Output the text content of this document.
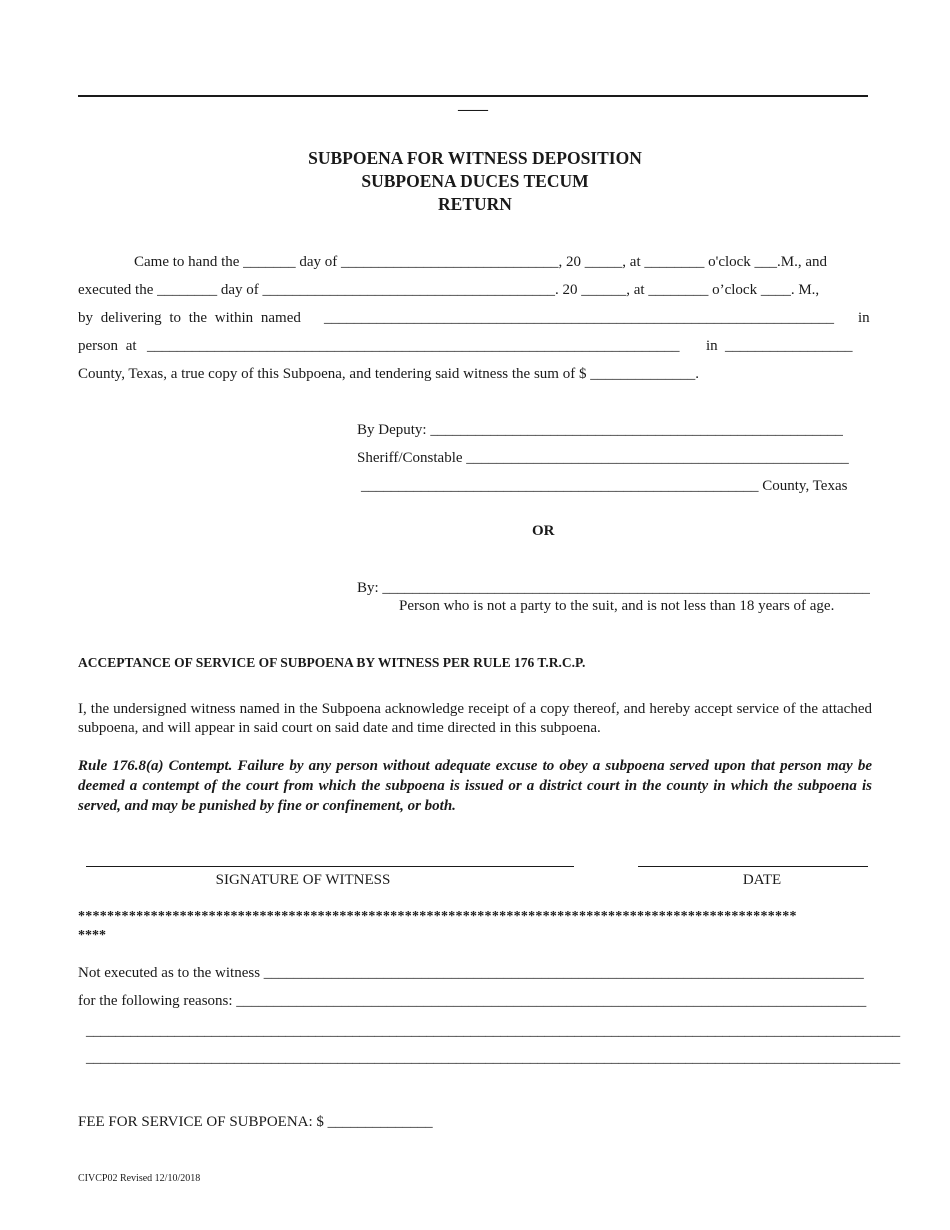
____
SUBPOENA FOR WITNESS DEPOSITION
SUBPOENA DUCES TECUM
RETURN
Came to hand the _______ day of _____________________________, 20 _____, at ________ o'clock ___.M., and
executed the ________ day of _______________________________________. 20 ______, at ________ o’clock ____. M.,
by delivering to the within named ____________________________________________________________________ in
person at _______________________________________________________________________ in _________________
County, Texas, a true copy of this Subpoena, and tendering said witness the sum of $ ______________.
By Deputy: _______________________________________________________
Sheriff/Constable ___________________________________________________
_____________________________________________________ County, Texas
OR
By: _________________________________________________________________
Person who is not a party to the suit, and is not less than 18 years of age.
ACCEPTANCE OF SERVICE OF SUBPOENA BY WITNESS PER RULE 176 T.R.C.P.
I, the undersigned witness named in the Subpoena acknowledge receipt of a copy thereof, and hereby accept service of the attached subpoena, and will appear in said court on said date and time directed in this subpoena.
Rule 176.8(a) Contempt. Failure by any person without adequate excuse to obey a subpoena served upon that person may be deemed a contempt of the court from which the subpoena is issued or a district court in the county in which the subpoena is served, and may be punished by fine or confinement, or both.
SIGNATURE OF WITNESS	DATE
***************************************************************************************************
****
Not executed as to the witness ________________________________________________________________________________
for the following reasons: ____________________________________________________________________________________
______________________________________________________________________________________________________________
______________________________________________________________________________________________________________
FEE FOR SERVICE OF SUBPOENA: $ ______________
CIVCP02 Revised 12/10/2018
